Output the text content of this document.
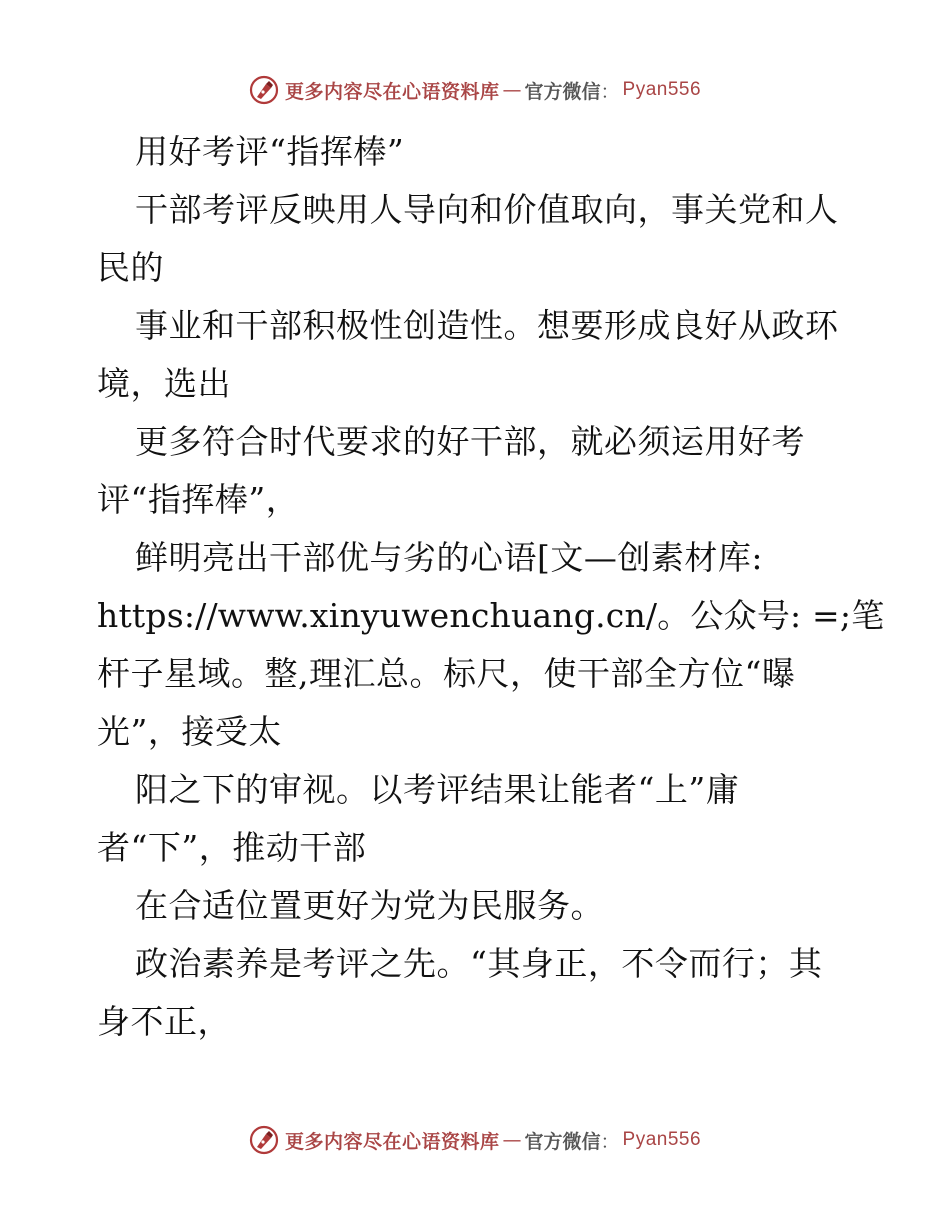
更多内容尽在心语资料库 — 官方微信 ： Pyan556
用好考评“指挥棒”
干部考评反映用人导向和价值取向，事关党和人
民的
事业和干部积极性创造性。想要形成良好从政环
境，选出
更多符合时代要求的好干部，就必须运用好考
评“指挥棒”，
鲜明亮出干部优与劣的心语[文—创素材库:
https://www.xinyuwenchuang.cn/。公众号: =;笔
杆子星域。整,理汇总。标尺，使干部全方位“曝
光”，接受太
阳之下的审视。以考评结果让能者“上”庸
者“下”，推动干部
在合适位置更好为党为民服务。
政治素养是考评之先。“其身正，不令而行；其
身不正，
更多内容尽在心语资料库 — 官方微信 ： Pyan556
